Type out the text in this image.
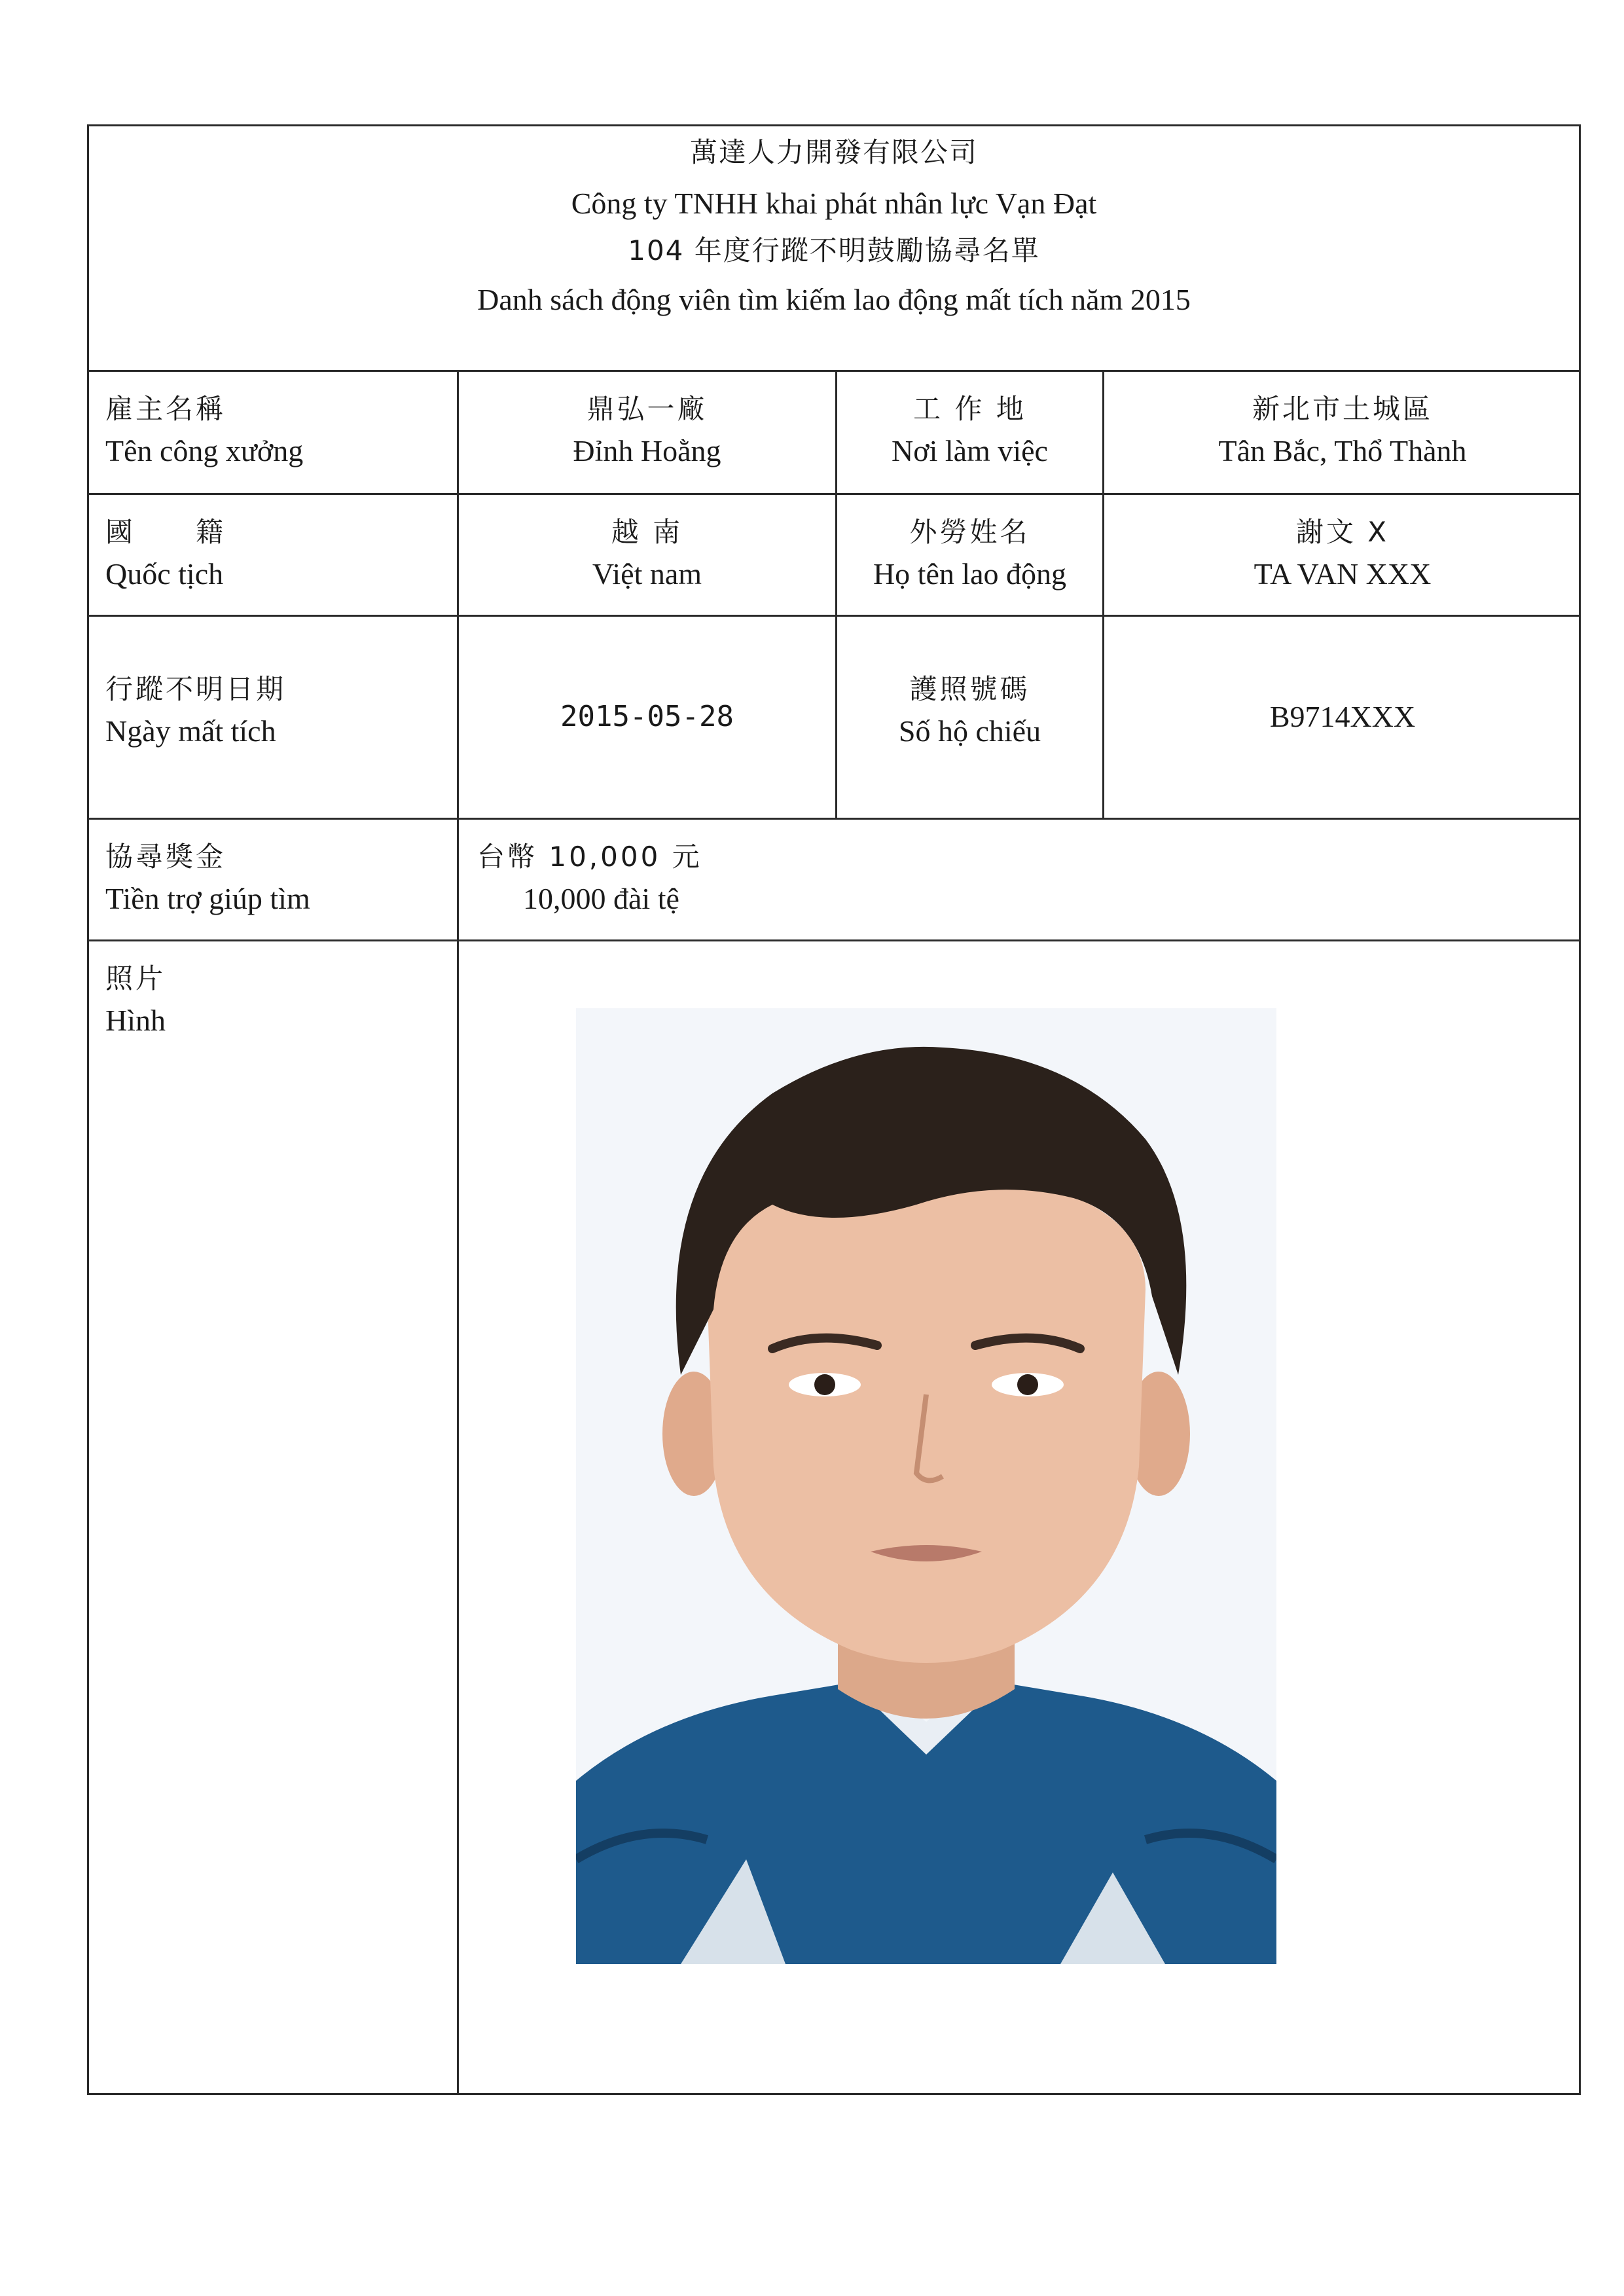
萬達人力開發有限公司
Công ty TNHH khai phát nhân lực Vạn Đạt
104 年度行蹤不明鼓勵協尋名單
Danh sách động viên tìm kiếm lao động mất tích năm 2015
雇主名稱
Tên công xưởng
鼎弘一廠
Đỉnh Hoằng
工 作 地
Nơi làm việc
新北市土城區
Tân Bắc, Thổ Thành
國　　籍
Quốc tịch
越 南
Việt nam
外勞姓名
Họ tên lao động
謝文 X
TA VAN XXX
行蹤不明日期
Ngày mất tích	2015-05-28
護照號碼
Số hộ chiếu	B9714XXX
協尋獎金
Tiền trợ giúp tìm
台幣 10,000 元
10,000 đài tệ
照片
Hình
